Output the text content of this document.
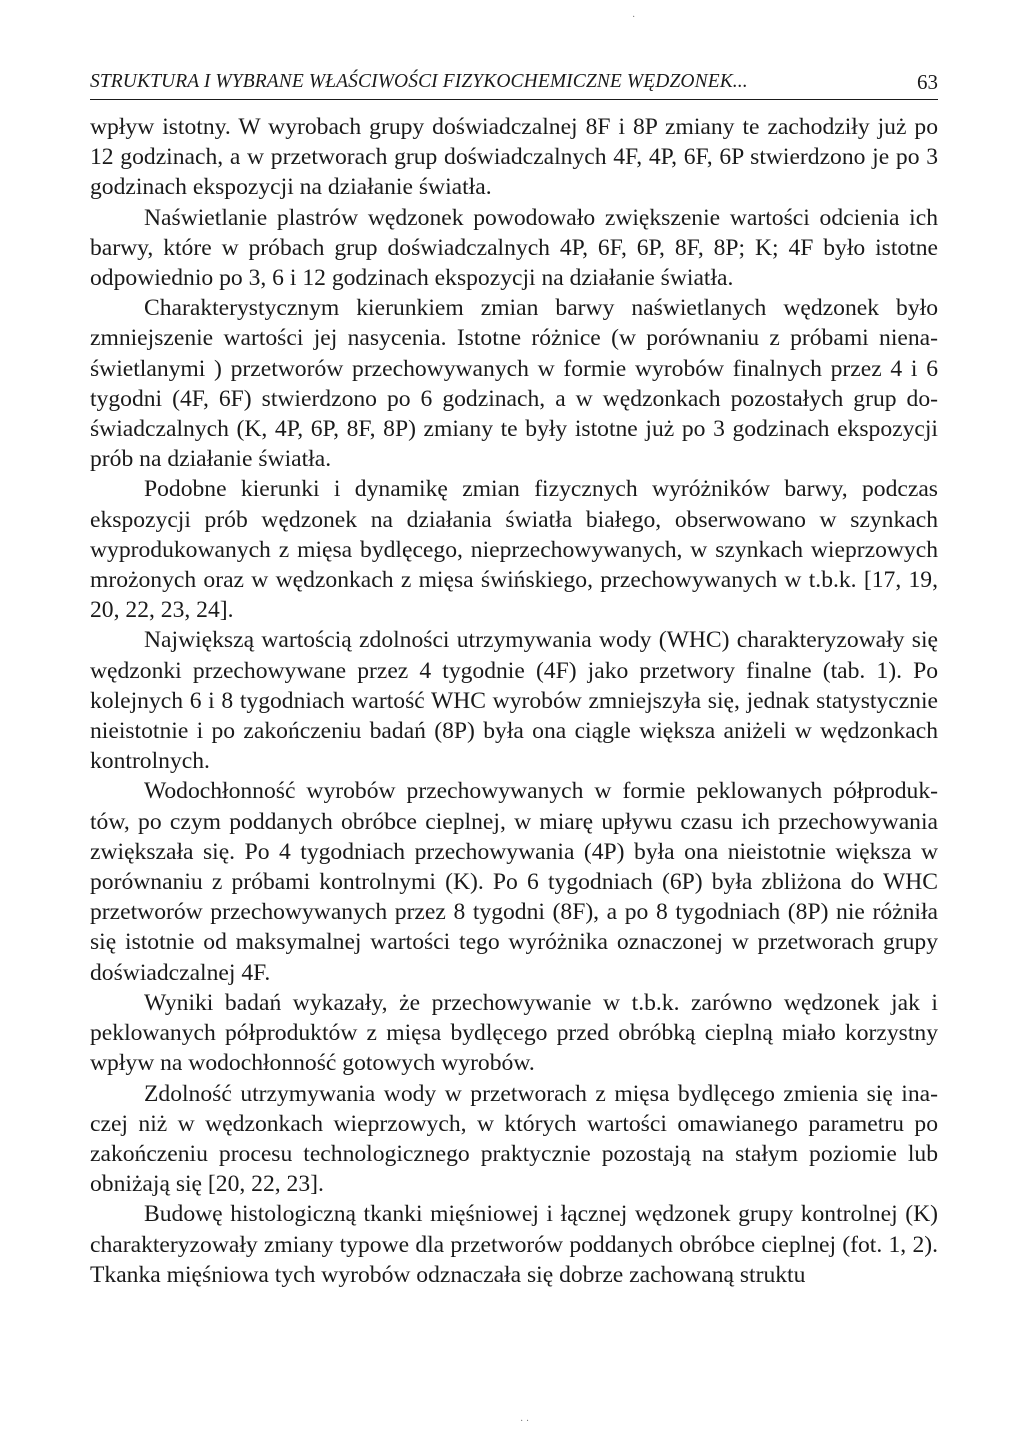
STRUKTURA I WYBRANE WŁAŚCIWOŚCI FIZYKOCHEMICZNE WĘDZONEK...	63

wpływ istotny. W wyrobach grupy doświadczalnej 8F i 8P zmiany te zachodziły już po 12 godzinach, a w przetworach grup doświadczalnych 4F, 4P, 6F, 6P stwierdzono je po 3 godzinach ekspozycji na działanie światła.

Naświetlanie plastrów wędzonek powodowało zwiększenie wartości odcienia ich barwy, które w próbach grup doświadczalnych 4P, 6F, 6P, 8F, 8P; K; 4F było istotne odpowiednio po 3, 6 i 12 godzinach ekspozycji na działanie światła.

Charakterystycznym kierunkiem zmian barwy naświetlanych wędzonek było zmniejszenie wartości jej nasycenia. Istotne różnice (w porównaniu z próbami nienaświetlanymi ) przetworów przechowywanych w formie wyrobów finalnych przez 4 i 6 tygodni (4F, 6F) stwierdzono po 6 godzinach, a w wędzonkach pozostałych grup doświadczalnych (K, 4P, 6P, 8F, 8P) zmiany te były istotne już po 3 godzinach ekspozycji prób na działanie światła.

Podobne kierunki i dynamikę zmian fizycznych wyróżników barwy, podczas ekspozycji prób wędzonek na działania światła białego, obserwowano w szynkach wyprodukowanych z mięsa bydlęcego, nieprzechowywanych, w szynkach wieprzowych mrożonych oraz w wędzonkach z mięsa świńskiego, przechowywanych w t.b.k. [17, 19, 20, 22, 23, 24].

Największą wartością zdolności utrzymywania wody (WHC) charakteryzowały się wędzonki przechowywane przez 4 tygodnie (4F) jako przetwory finalne (tab. 1). Po kolejnych 6 i 8 tygodniach wartość WHC wyrobów zmniejszyła się, jednak statystycznie nieistotnie i po zakończeniu badań (8P) była ona ciągle większa aniżeli w wędzonkach kontrolnych.

Wodochłonność wyrobów przechowywanych w formie peklowanych półproduktów, po czym poddanych obróbce cieplnej, w miarę upływu czasu ich przechowywania zwiększała się. Po 4 tygodniach przechowywania (4P) była ona nieistotnie większa w porównaniu z próbami kontrolnymi (K). Po 6 tygodniach (6P) była zbliżona do WHC przetworów przechowywanych przez 8 tygodni (8F), a po 8 tygodniach (8P) nie różniła się istotnie od maksymalnej wartości tego wyróżnika oznaczonej w przetworach grupy doświadczalnej 4F.

Wyniki badań wykazały, że przechowywanie w t.b.k. zarówno wędzonek jak i peklowanych półproduktów z mięsa bydlęcego przed obróbką cieplną miało korzystny wpływ na wodochłonność gotowych wyrobów.

Zdolność utrzymywania wody w przetworach z mięsa bydlęcego zmienia się inaczej niż w wędzonkach wieprzowych, w których wartości omawianego parametru po zakończeniu procesu technologicznego praktycznie pozostają na stałym poziomie lub obniżają się [20, 22, 23].

Budowę histologiczną tkanki mięśniowej i łącznej wędzonek grupy kontrolnej (K) charakteryzowały zmiany typowe dla przetworów poddanych obróbce cieplnej (fot. 1, 2). Tkanka mięśniowa tych wyrobów odznaczała się dobrze zachowaną struktu

·
· ·
